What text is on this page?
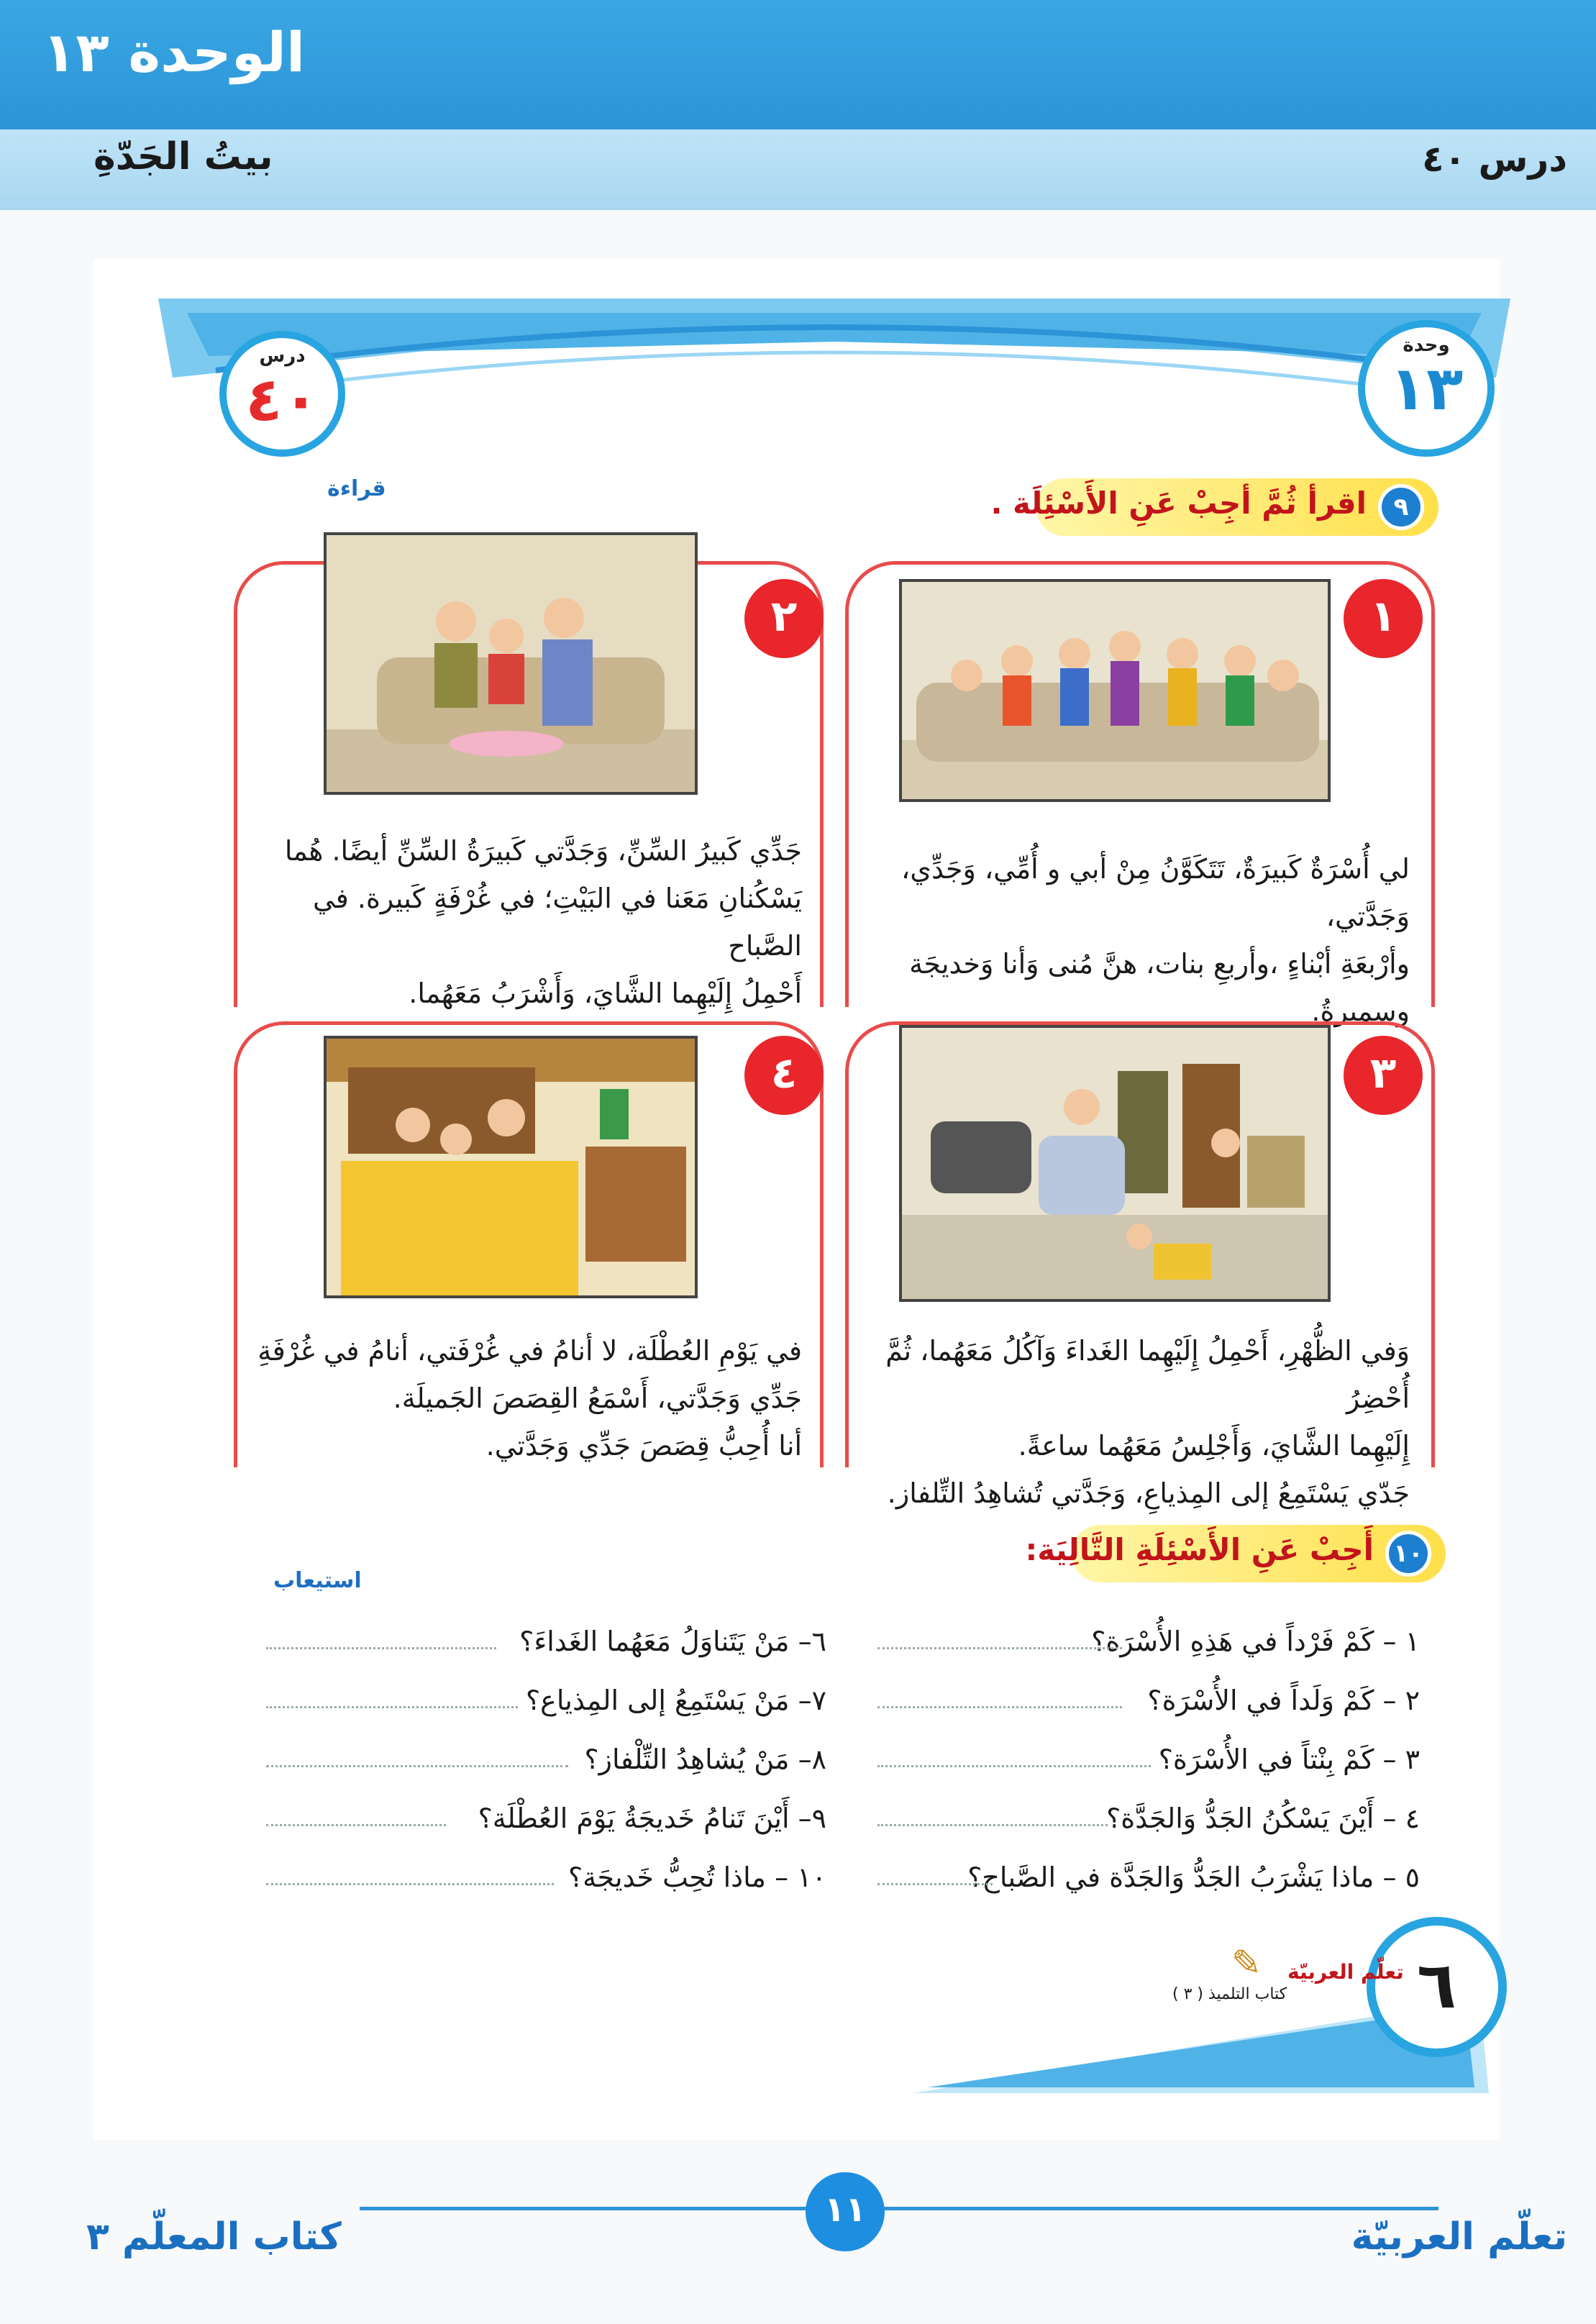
الوحدة ١٣
بيتُ الجَدّةِ	درس ٤٠
درس
٤٠
وحدة
١٣
قراءة
٩
اقرأ ثُمَّ أجِبْ عَنِ الأَسْئِلَة .
١
لي أُسْرَةٌ كَبيرَةٌ، تَتَكَوَّنُ مِنْ أبي و أُمِّي، وَجَدِّي، وَجَدَّتي،
وأرْبعَةِ أبْناءٍ ،وأربعِ بنات، هنَّ مُنى وَأنا وَخديجَة وسميرةُ.
٢
جَدِّي كَبيرُ السِّنِّ، وَجَدَّتي كَبيرَةُ السِّنِّ أيضًا. هُما
يَسْكُنانِ مَعَنا في البَيْتِ؛ في غُرْفَةٍ كَبيرة. في الصَّباح
أَحْمِلُ إِلَيْهِما الشَّايَ، وَأَشْرَبُ مَعَهُما.
٣
وَفي الظُّهْرِ، أَحْمِلُ إِلَيْهِما الغَداءَ وَآكُلُ مَعَهُما، ثُمَّ أُحْضِرُ
إِلَيْهِما الشَّايَ، وَأَجْلِسُ مَعَهُما ساعةً.
جَدّي يَسْتَمِعُ إلى المِذياعِ، وَجَدَّتي تُشاهِدُ التِّلفاز.
٤
في يَوْمِ العُطْلَة، لا أنامُ في غُرْفَتي، أنامُ في غُرْفَةِ
جَدِّي وَجَدَّتي، أَسْمَعُ القِصَصَ الجَميلَة.
أنا أُحِبُّ قِصَصَ جَدِّي وَجَدَّتي.
استيعاب
١٠
أَجِبْ عَنِ الأَسْئِلَةِ التَّالِيَة:
١ – كَمْ فَرْداً في هَذِهِ الأُسْرَة؟
٢ – كَمْ وَلَداً في الأُسْرَة؟
٣ – كَمْ بِنْتاً في الأُسْرَة؟
٤ – أَيْنَ يَسْكُنُ الجَدُّ وَالجَدَّة؟
٥ – ماذا يَشْرَبُ الجَدُّ وَالجَدَّة في الصَّباح؟
٦– مَنْ يَتَناوَلُ مَعَهُما الغَداءَ؟
٧– مَنْ يَسْتَمِعُ إلى المِذياع؟
٨– مَنْ يُشاهِدُ التِّلْفاز؟
٩– أَيْنَ تَنامُ خَديجَةُ يَوْمَ العُطْلَة؟
١٠ – ماذا تُحِبُّ خَديجَة؟
٦
تعلّم العربيّة
كتاب التلميذ ( ٣ )
✎
١١
كتاب المعلّم ٣	تعلّم العربيّة
